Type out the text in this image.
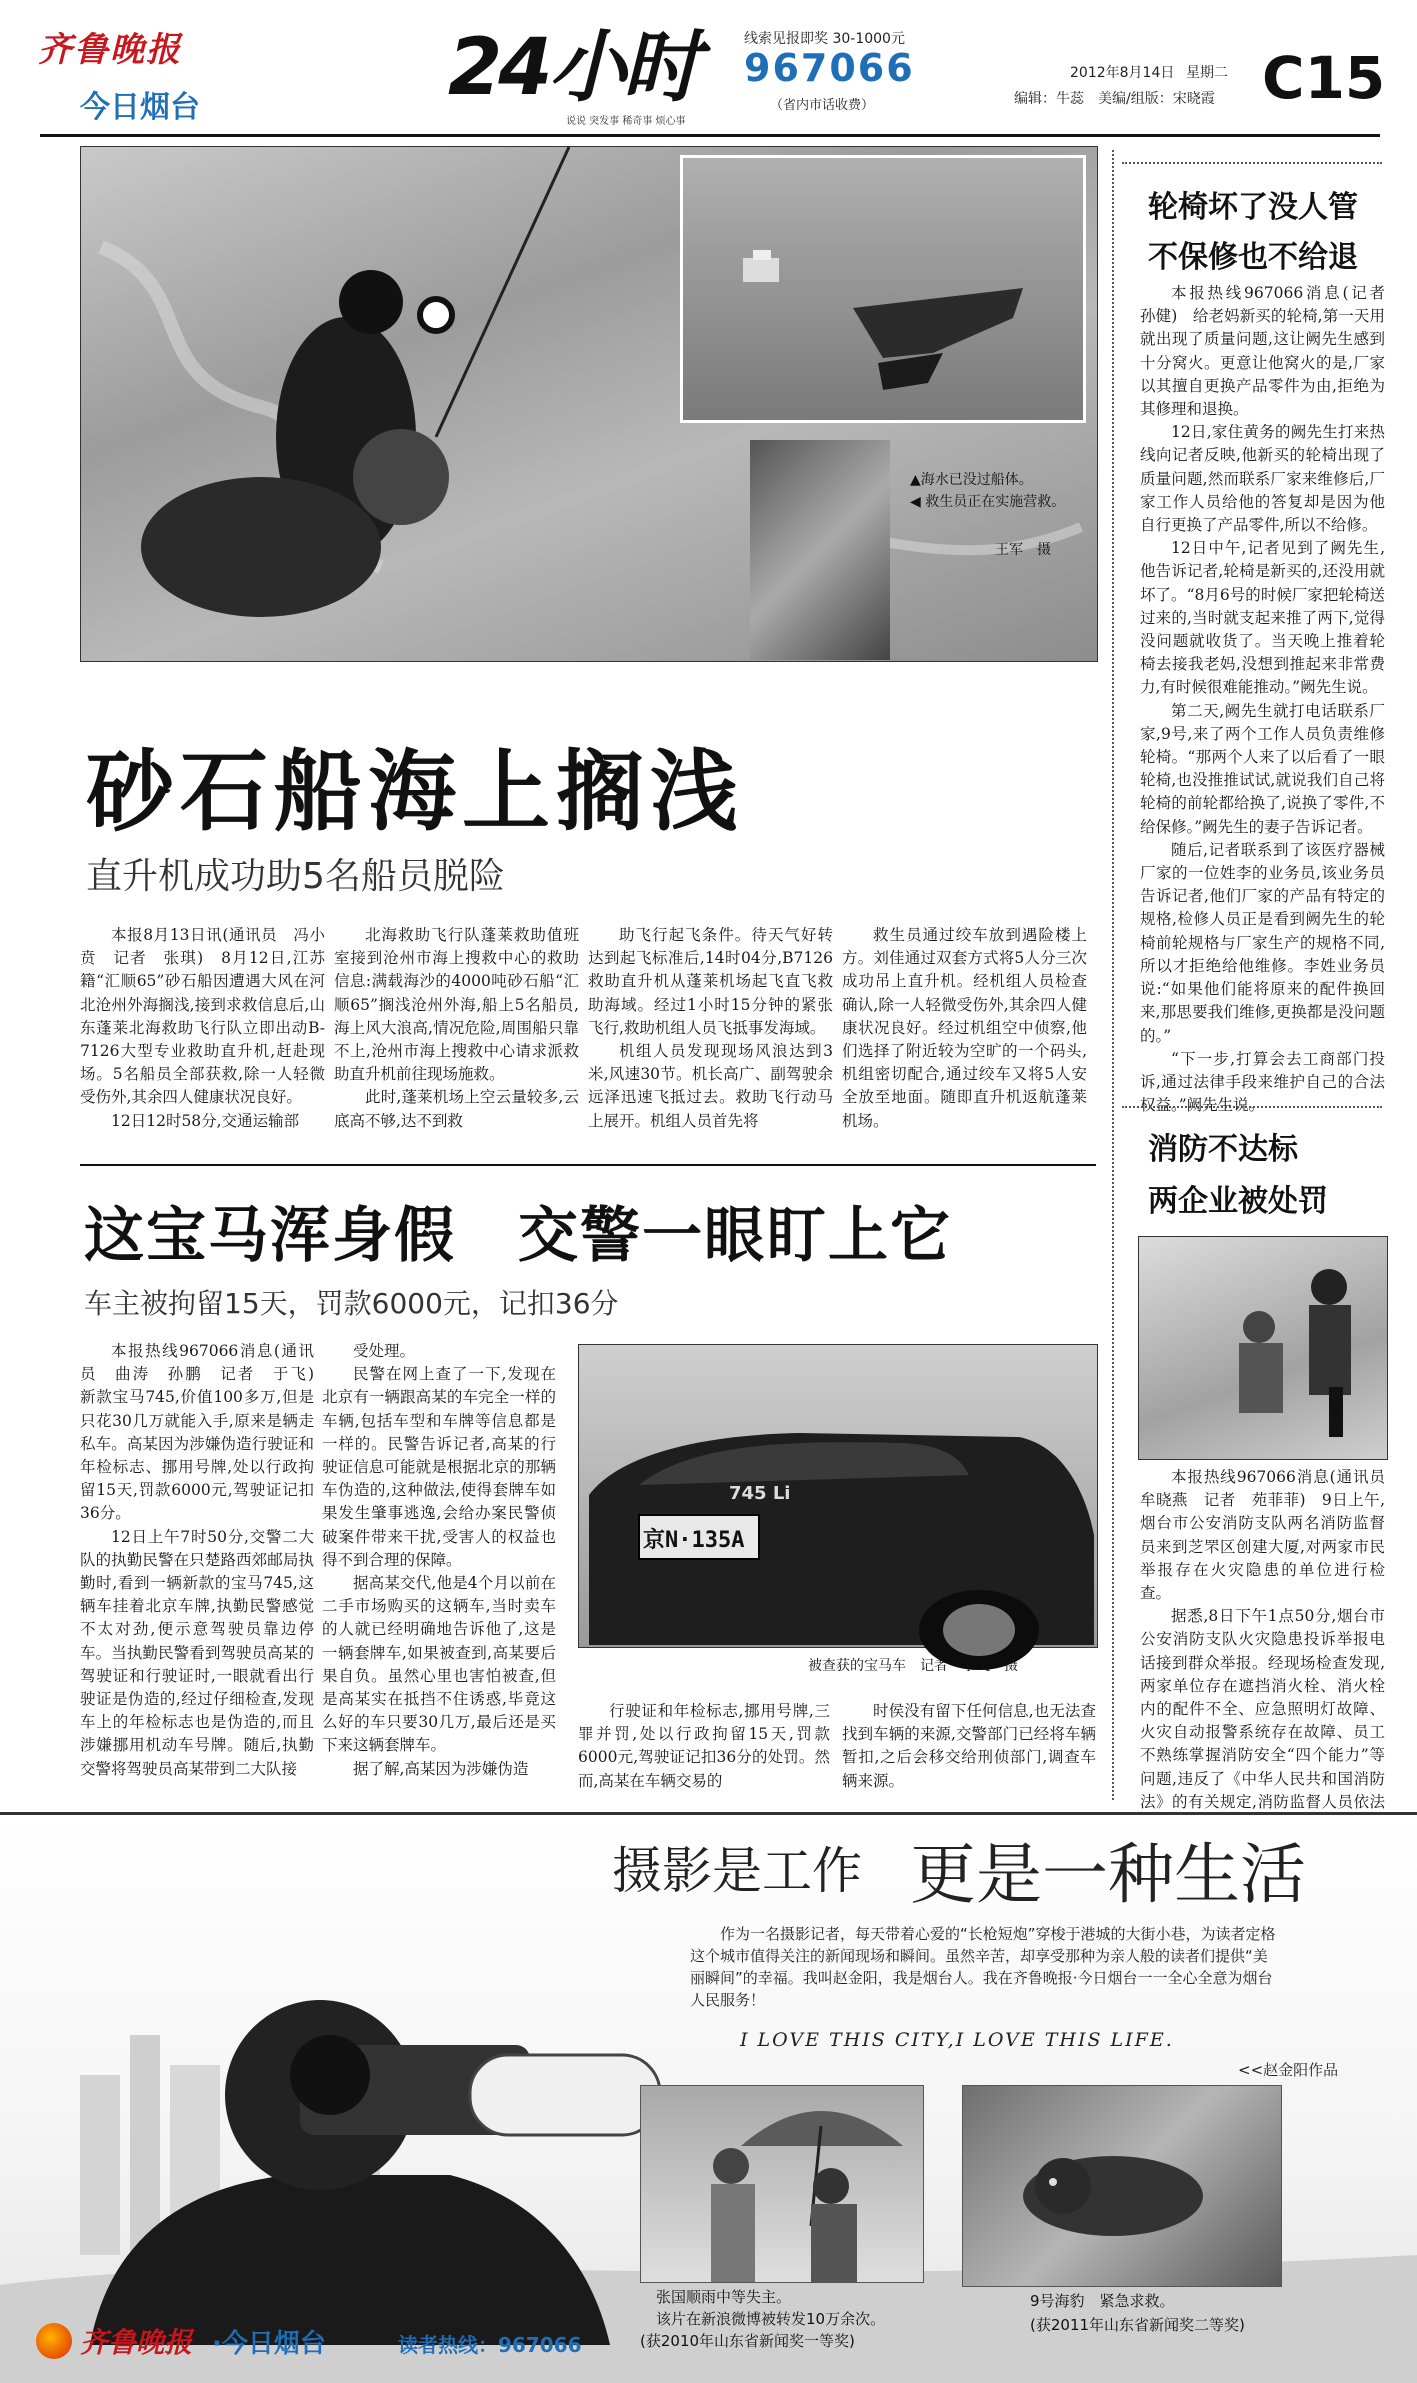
齐鲁晚报
今日烟台	24小时
说说 突发事 稀奇事 烦心事
线索见报即奖 30-1000元
967066
（省内市话收费）
2012年8月14日 星期二
编辑：牛蕊　美编/组版：宋晓霞 C15
▲海水已没过船体。
◀ 救生员正在实施营救。
王军　摄
砂石船海上搁浅
直升机成功助5名船员脱险

本报8月13日讯(通讯员　冯小贲　记者　张琪)　8月12日,江苏籍“汇顺65”砂石船因遭遇大风在河北沧州外海搁浅,接到求救信息后,山东蓬莱北海救助飞行队立即出动B-7126大型专业救助直升机,赶赴现场。5名船员全部获救,除一人轻微受伤外,其余四人健康状况良好。

12日12时58分,交通运输部

北海救助飞行队蓬莱救助值班室接到沧州市海上搜救中心的救助信息:满载海沙的4000吨砂石船“汇顺65”搁浅沧州外海,船上5名船员,海上风大浪高,情况危险,周围船只靠不上,沧州市海上搜救中心请求派救助直升机前往现场施救。

此时,蓬莱机场上空云量较多,云底高不够,达不到救

助飞行起飞条件。待天气好转达到起飞标准后,14时04分,B7126救助直升机从蓬莱机场起飞直飞救助海域。经过1小时15分钟的紧张飞行,救助机组人员飞抵事发海域。

机组人员发现现场风浪达到3米,风速30节。机长高广、副驾驶余远泽迅速飞抵过去。救助飞行动马上展开。机组人员首先将

救生员通过绞车放到遇险楼上方。刘佳通过双套方式将5人分三次成功吊上直升机。经机组人员检查确认,除一人轻微受伤外,其余四人健康状况良好。经过机组空中侦察,他们选择了附近较为空旷的一个码头,机组密切配合,通过绞车又将5人安全放至地面。随即直升机返航蓬莱机场。

这宝马浑身假　交警一眼盯上它
车主被拘留15天，罚款6000元，记扣36分

本报热线967066消息(通讯员　曲涛　孙鹏　记者　于飞)　新款宝马745,价值100多万,但是只花30几万就能入手,原来是辆走私车。高某因为涉嫌伪造行驶证和年检标志、挪用号牌,处以行政拘留15天,罚款6000元,驾驶证记扣36分。

12日上午7时50分,交警二大队的执勤民警在只楚路西郊邮局执勤时,看到一辆新款的宝马745,这辆车挂着北京车牌,执勤民警感觉不太对劲,便示意驾驶员靠边停车。当执勤民警看到驾驶员高某的驾驶证和行驶证时,一眼就看出行驶证是伪造的,经过仔细检查,发现车上的年检标志也是伪造的,而且涉嫌挪用机动车号牌。随后,执勤交警将驾驶员高某带到二大队接

受处理。

民警在网上查了一下,发现在北京有一辆跟高某的车完全一样的车辆,包括车型和车牌等信息都是一样的。民警告诉记者,高某的行驶证信息可能就是根据北京的那辆车伪造的,这种做法,使得套牌车如果发生肇事逃逸,会给办案民警侦破案件带来干扰,受害人的权益也得不到合理的保障。

据高某交代,他是4个月以前在二手市场购买的这辆车,当时卖车的人就已经明确地告诉他了,这是一辆套牌车,如果被查到,高某要后果自负。虽然心里也害怕被查,但是高某实在抵挡不住诱惑,毕竟这么好的车只要30几万,最后还是买下来这辆套牌车。

据了解,高某因为涉嫌伪造

京N·135A
745 Li
被查获的宝马车　记者　于飞　摄

行驶证和年检标志,挪用号牌,三罪并罚,处以行政拘留15天,罚款6000元,驾驶证记扣36分的处罚。然而,高某在车辆交易的

时侯没有留下任何信息,也无法查找到车辆的来源,交警部门已经将车辆暂扣,之后会移交给刑侦部门,调查车辆来源。

轮椅坏了没人管
不保修也不给退

本报热线967066消息(记者　孙健)　给老妈新买的轮椅,第一天用就出现了质量问题,这让阙先生感到十分窝火。更意让他窝火的是,厂家以其擅自更换产品零件为由,拒绝为其修理和退换。

12日,家住黄务的阙先生打来热线向记者反映,他新买的轮椅出现了质量问题,然而联系厂家来维修后,厂家工作人员给他的答复却是因为他自行更换了产品零件,所以不给修。

12日中午,记者见到了阙先生,他告诉记者,轮椅是新买的,还没用就坏了。“8月6号的时候厂家把轮椅送过来的,当时就支起来推了两下,觉得没问题就收货了。当天晚上推着轮椅去接我老妈,没想到推起来非常费力,有时候很难能推动。”阙先生说。

第二天,阙先生就打电话联系厂家,9号,来了两个工作人员负责维修轮椅。“那两个人来了以后看了一眼轮椅,也没推推试试,就说我们自己将轮椅的前轮都给换了,说换了零件,不给保修。”阙先生的妻子告诉记者。

随后,记者联系到了该医疗器械厂家的一位姓李的业务员,该业务员告诉记者,他们厂家的产品有特定的规格,检修人员正是看到阙先生的轮椅前轮规格与厂家生产的规格不同,所以才拒绝给他维修。李姓业务员说:“如果他们能将原来的配件换回来,那思要我们维修,更换都是没问题的。”

“下一步,打算会去工商部门投诉,通过法律手段来维护自己的合法权益。”阙先生说。

消防不达标
两企业被处罚

本报热线967066消息(通讯员　牟晓燕　记者　苑菲菲)　9日上午,烟台市公安消防支队两名消防监督员来到芝罘区创建大厦,对两家市民举报存在火灾隐患的单位进行检查。

据悉,8日下午1点50分,烟台市公安消防支队火灾隐患投诉举报电话接到群众举报。经现场检查发现,两家单位存在遮挡消火栓、消火栓内的配件不全、应急照明灯故障、火灾自动报警系统存在故障、员工不熟练掌握消防安全“四个能力”等问题,违反了《中华人民共和国消防法》的有关规定,消防监督人员依法

摄影是工作 更是一种生活
作为一名摄影记者，每天带着心爱的“长枪短炮”穿梭于港城的大街小巷，为读者定格这个城市值得关注的新闻现场和瞬间。虽然辛苦，却享受那种为亲人般的读者们提供“美丽瞬间”的幸福。我叫赵金阳，我是烟台人。我在齐鲁晚报·今日烟台一一全心全意为烟台人民服务！
I LOVE THIS CITY,I LOVE THIS LIFE.
<<赵金阳作品
张国顺雨中等失主。
该片在新浪微博被转发10万余次。
(获2010年山东省新闻奖一等奖)
9号海豹　紧急求救。
(获2011年山东省新闻奖二等奖)
齐鲁晚报 ·今日烟台	读者热线：967066
